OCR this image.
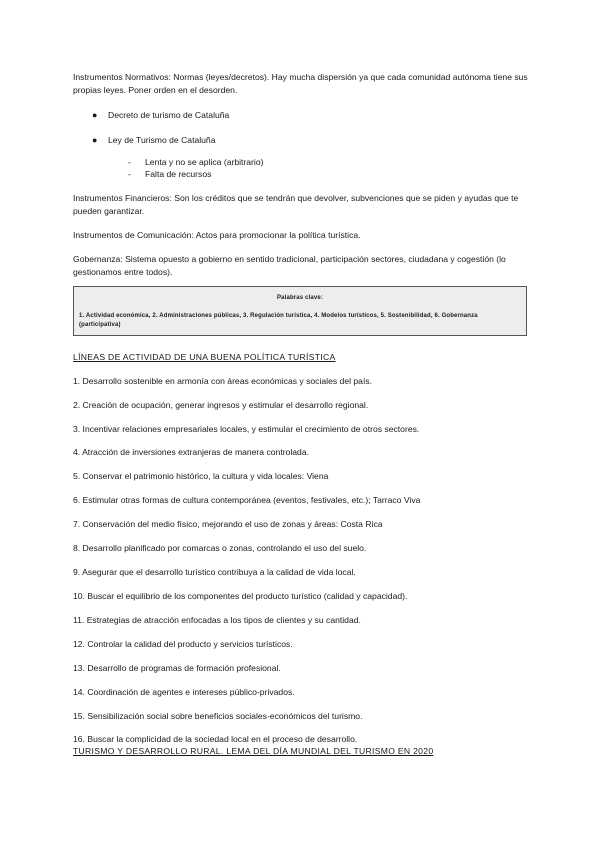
Instrumentos Normativos: Normas (leyes/decretos). Hay mucha dispersión ya que cada comunidad autónoma tiene sus propias leyes. Poner orden en el desorden.
● Decreto de turismo de Cataluña
● Ley de Turismo de Cataluña
- Lenta y no se aplica (arbitrario)
- Falta de recursos
Instrumentos Financieros: Son los créditos que se tendrán que devolver, subvenciones que se piden y ayudas que te pueden garantizar.
Instrumentos de Comunicación: Actos para promocionar la política turística.
Gobernanza: Sistema opuesto a gobierno en sentido tradicional, participación sectores, ciudadana y cogestión (lo gestionamos entre todos).
Palabras clave:
1. Actividad económica, 2. Administraciones públicas, 3. Regulación turística, 4. Modelos turísticos, 5. Sostenibilidad, 6. Gobernanza (participativa)
LÍNEAS DE ACTIVIDAD DE UNA BUENA POLÍTICA TURÍSTICA
1. Desarrollo sostenible en armonía con áreas económicas y sociales del país.
2. Creación de ocupación, generar ingresos y estimular el desarrollo regional.
3. Incentivar relaciones empresariales locales, y estimular el crecimiento de otros sectores.
4. Atracción de inversiones extranjeras de manera controlada.
5. Conservar el patrimonio histórico, la cultura y vida locales: Viena
6. Estimular otras formas de cultura contemporánea (eventos, festivales, etc.); Tarraco Viva
7. Conservación del medio físico, mejorando el uso de zonas y áreas: Costa Rica
8. Desarrollo planificado por comarcas o zonas, controlando el uso del suelo.
9. Asegurar que el desarrollo turístico contribuya a la calidad de vida local.
10. Buscar el equilibrio de los componentes del producto turístico (calidad y capacidad).
11. Estrategias de atracción enfocadas a los tipos de clientes y su cantidad.
12. Controlar la calidad del producto y servicios turísticos.
13. Desarrollo de programas de formación profesional.
14. Coordinación de agentes e intereses público-privados.
15. Sensibilización social sobre beneficios sociales-económicos del turismo.
16. Buscar la complicidad de la sociedad local en el proceso de desarrollo.
TURISMO Y DESARROLLO RURAL. LEMA DEL DÍA MUNDIAL DEL TURISMO EN 2020
